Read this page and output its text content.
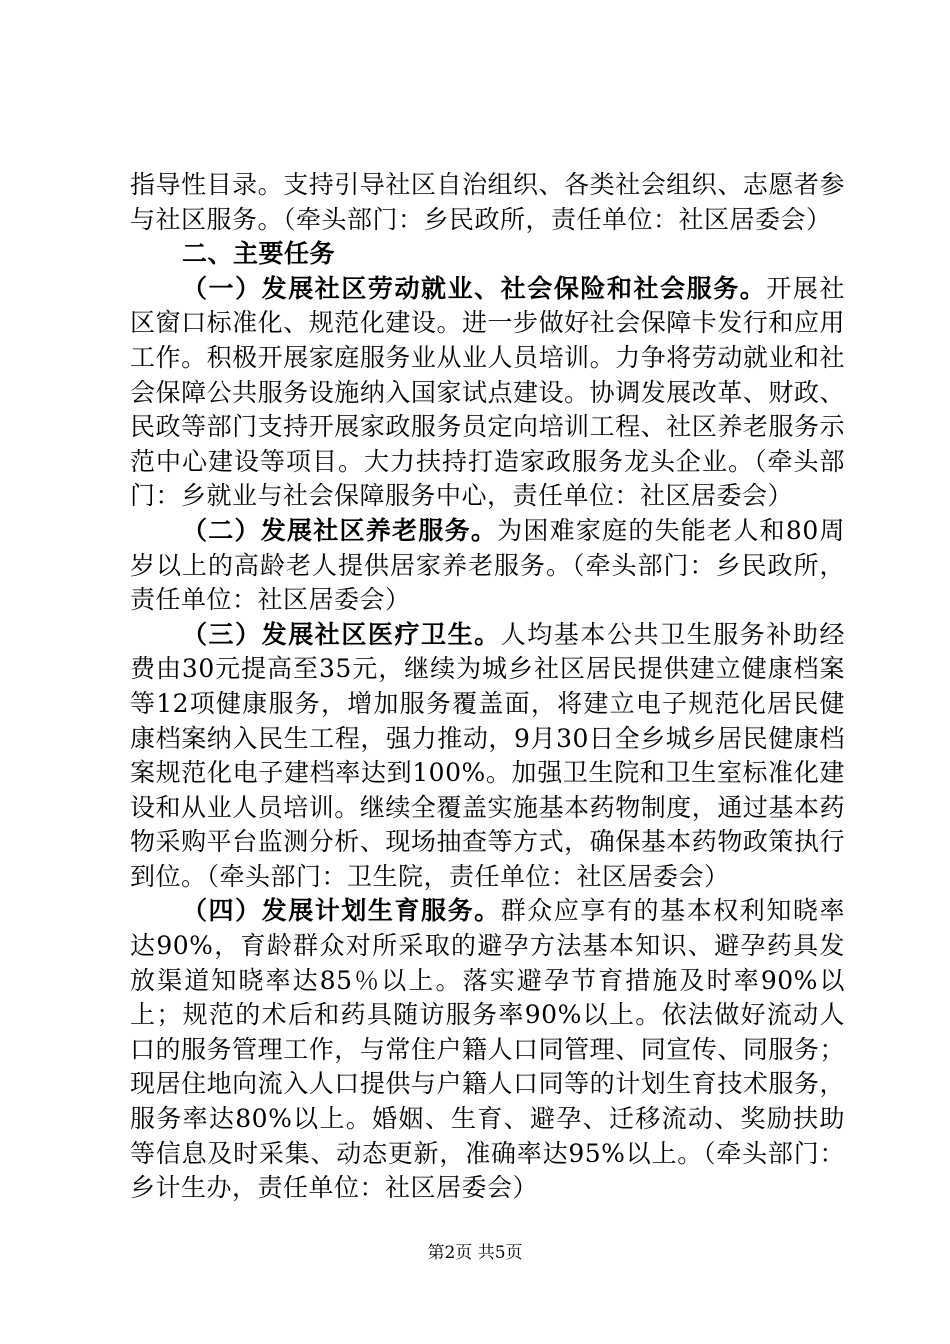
指导性目录。支持引导社区自治组织、各类社会组织、志愿者参与社区服务。（牵头部门：乡民政所，责任单位：社区居委会）

二、主要任务

（一）发展社区劳动就业、社会保险和社会服务。开展社区窗口标准化、规范化建设。进一步做好社会保障卡发行和应用工作。积极开展家庭服务业从业人员培训。力争将劳动就业和社会保障公共服务设施纳入国家试点建设。协调发展改革、财政、民政等部门支持开展家政服务员定向培训工程、社区养老服务示范中心建设等项目。大力扶持打造家政服务龙头企业。（牵头部门：乡就业与社会保障服务中心，责任单位：社区居委会）

（二）发展社区养老服务。为困难家庭的失能老人和80周岁以上的高龄老人提供居家养老服务。（牵头部门：乡民政所，责任单位：社区居委会）

（三）发展社区医疗卫生。人均基本公共卫生服务补助经费由30元提高至35元，继续为城乡社区居民提供建立健康档案等12项健康服务，增加服务覆盖面，将建立电子规范化居民健康档案纳入民生工程，强力推动，9月30日全乡城乡居民健康档案规范化电子建档率达到100%。加强卫生院和卫生室标准化建设和从业人员培训。继续全覆盖实施基本药物制度，通过基本药物采购平台监测分析、现场抽查等方式，确保基本药物政策执行到位。（牵头部门：卫生院，责任单位：社区居委会）

（四）发展计划生育服务。群众应享有的基本权利知晓率达90%，育龄群众对所采取的避孕方法基本知识、避孕药具发放渠道知晓率达85％以上。落实避孕节育措施及时率90%以上；规范的术后和药具随访服务率90%以上。依法做好流动人口的服务管理工作，与常住户籍人口同管理、同宣传、同服务；现居住地向流入人口提供与户籍人口同等的计划生育技术服务，服务率达80%以上。婚姻、生育、避孕、迁移流动、奖励扶助等信息及时采集、动态更新，准确率达95%以上。（牵头部门：乡计生办，责任单位：社区居委会）

第2页 共5页
